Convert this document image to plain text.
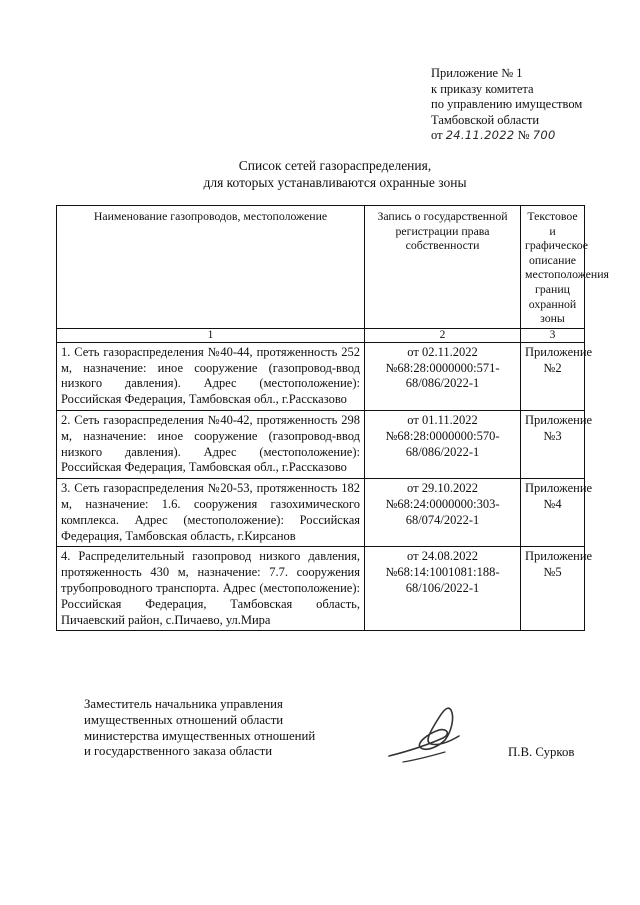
Приложение № 1
к приказу комитета
по управлению имуществом
Тамбовской области
от 24.11.2022 № 700
Список сетей газораспределения,
для которых устанавливаются охранные зоны
Наименование газопроводов, местоположение	Запись о государственной регистрации права собственности	Текстовое и графическое описание местоположения границ охранной зоны
1	2	3
1. Сеть газораспределения №40-44, протяженность 252 м, назначение: иное сооружение (газопровод-ввод низкого давления). Адрес (местоположение): Российская Федерация, Тамбовская обл., г.Рассказово	от 02.11.2022 №68:28:0000000:571-68/086/2022-1	Приложение №2
2. Сеть газораспределения №40-42, протяженность 298 м, назначение: иное сооружение (газопровод-ввод низкого давления). Адрес (местоположение): Российская Федерация, Тамбовская обл., г.Рассказово	от 01.11.2022 №68:28:0000000:570-68/086/2022-1	Приложение №3
3. Сеть газораспределения №20-53, протяженность 182 м, назначение: 1.6. сооружения газохимического комплекса. Адрес (местоположение): Российская Федерация, Тамбовская область, г.Кирсанов	от 29.10.2022 №68:24:0000000:303-68/074/2022-1	Приложение №4
4. Распределительный газопровод низкого давления, протяженность 430 м, назначение: 7.7. сооружения трубопроводного транспорта. Адрес (местоположение): Российская Федерация, Тамбовская область, Пичаевский район, с.Пичаево, ул.Мира	от 24.08.2022 №68:14:1001081:188-68/106/2022-1	Приложение №5
Заместитель начальника управления
имущественных отношений области
министерства имущественных отношений
и государственного заказа области	П.В. Сурков
